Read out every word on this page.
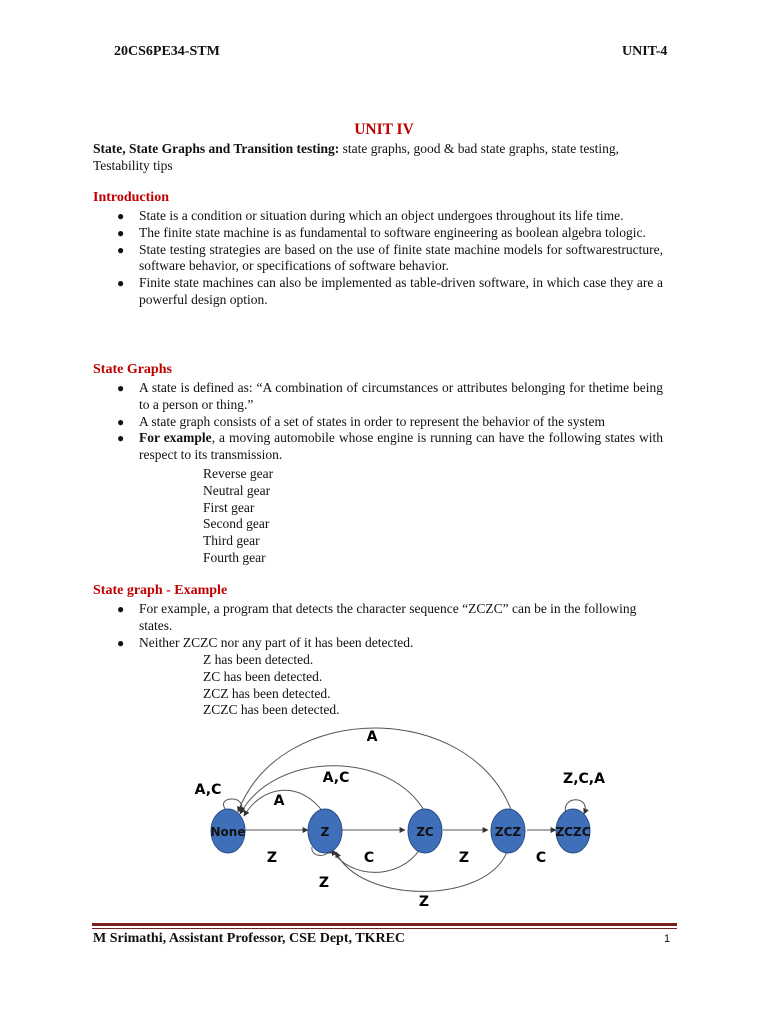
20CS6PE34-STM	UNIT-4
UNIT IV
State, State Graphs and Transition testing: state graphs, good & bad state graphs, state testing, Testability tips
Introduction
● State is a condition or situation during which an object undergoes throughout its life time.
● The finite state machine is as fundamental to software engineering as boolean algebra tologic.
● State testing strategies are based on the use of finite state machine models for softwarestructure, software behavior, or specifications of software behavior.
● Finite state machines can also be implemented as table-driven software, in which case they are a powerful design option.
State Graphs
● A state is defined as: “A combination of circumstances or attributes belonging for thetime being to a person or thing.”
● A state graph consists of a set of states in order to represent the behavior of the system
● For example, a moving automobile whose engine is running can have the following states with respect to its transmission.
Reverse gear
Neutral gear
First gear
Second gear
Third gear
Fourth gear
State graph - Example
● For example, a program that detects the character sequence “ZCZC” can be in the following states.
● Neither ZCZC nor any part of it has been detected.
Z has been detected.
ZC has been detected.
ZCZ has been detected.
ZCZC has been detected.
None	Z	ZC	ZCZ	ZCZC
A
A,C
A,C
A
Z,C,A
Z	C	Z	C
Z
Z
M Srimathi, Assistant Professor, CSE Dept, TKREC	1
